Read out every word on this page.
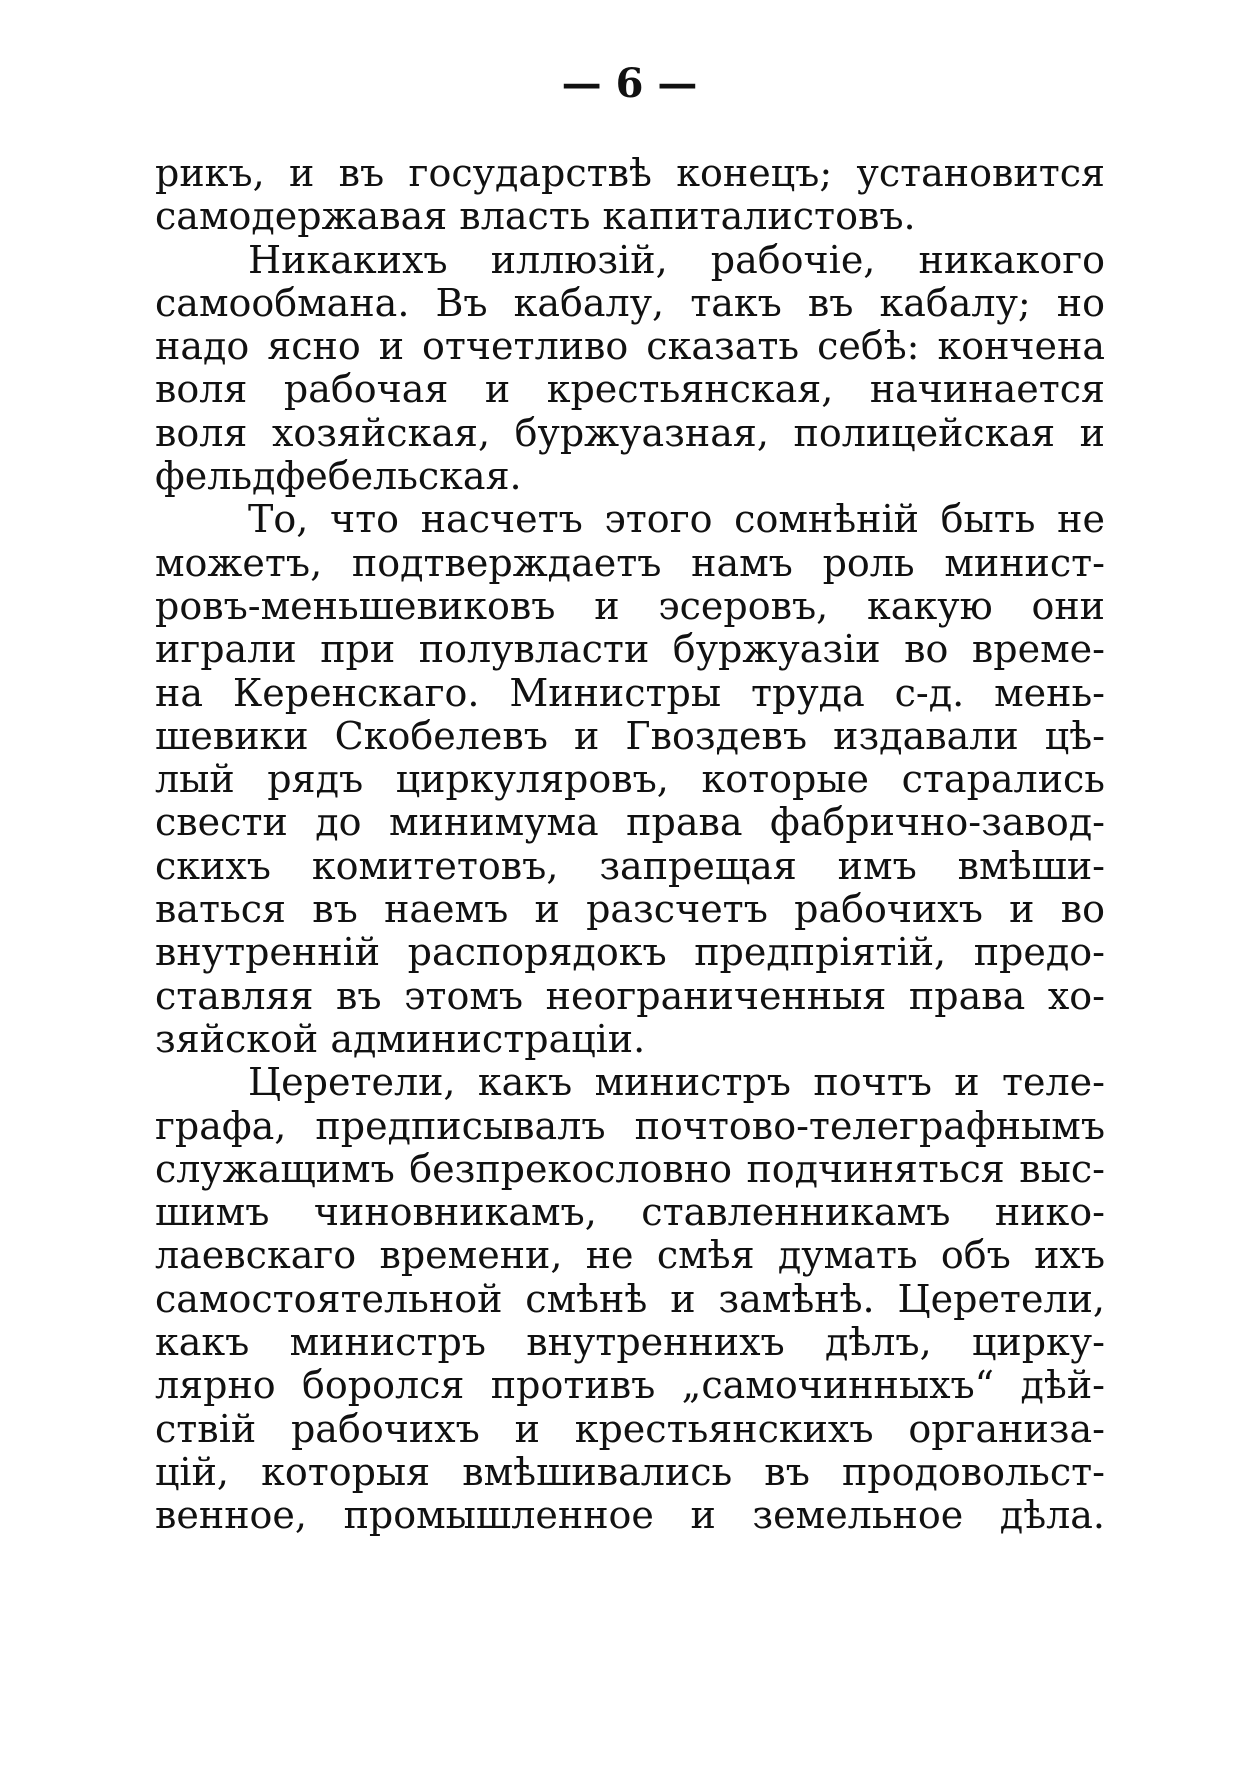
— 6 —
рикъ, и въ государствѣ конецъ; установится
самодержавая власть капиталистовъ.
Никакихъ иллюзій, рабочіе, никакого
самообмана. Въ кабалу, такъ въ кабалу; но
надо ясно и отчетливо сказать себѣ: кончена
воля рабочая и крестьянская, начинается
воля хозяйская, буржуазная, полицейская и
фельдфебельская.
То, что насчетъ этого сомнѣній быть не
можетъ, подтверждаетъ намъ роль минист-
ровъ-меньшевиковъ и эсеровъ, какую они
играли при полувласти буржуазіи во време-
на Керенскаго. Министры труда с-д. мень-
шевики Скобелевъ и Гвоздевъ издавали цѣ-
лый рядъ циркуляровъ, которые старались
свести до минимума права фабрично-завод-
скихъ комитетовъ, запрещая имъ вмѣши-
ваться въ наемъ и разсчетъ рабочихъ и во
внутренній распорядокъ предпріятій, предо-
ставляя въ этомъ неограниченныя права хо-
зяйской администраціи.
Церетели, какъ министръ почтъ и теле-
графа, предписывалъ почтово-телеграфнымъ
служащимъ безпрекословно подчиняться выс-
шимъ чиновникамъ, ставленникамъ нико-
лаевскаго времени, не смѣя думать объ ихъ
самостоятельной смѣнѣ и замѣнѣ. Церетели,
какъ министръ внутреннихъ дѣлъ, цирку-
лярно боролся противъ „самочинныхъ“ дѣй-
ствій рабочихъ и крестьянскихъ организа-
цій, которыя вмѣшивались въ продовольст-
венное, промышленное и земельное дѣла.
